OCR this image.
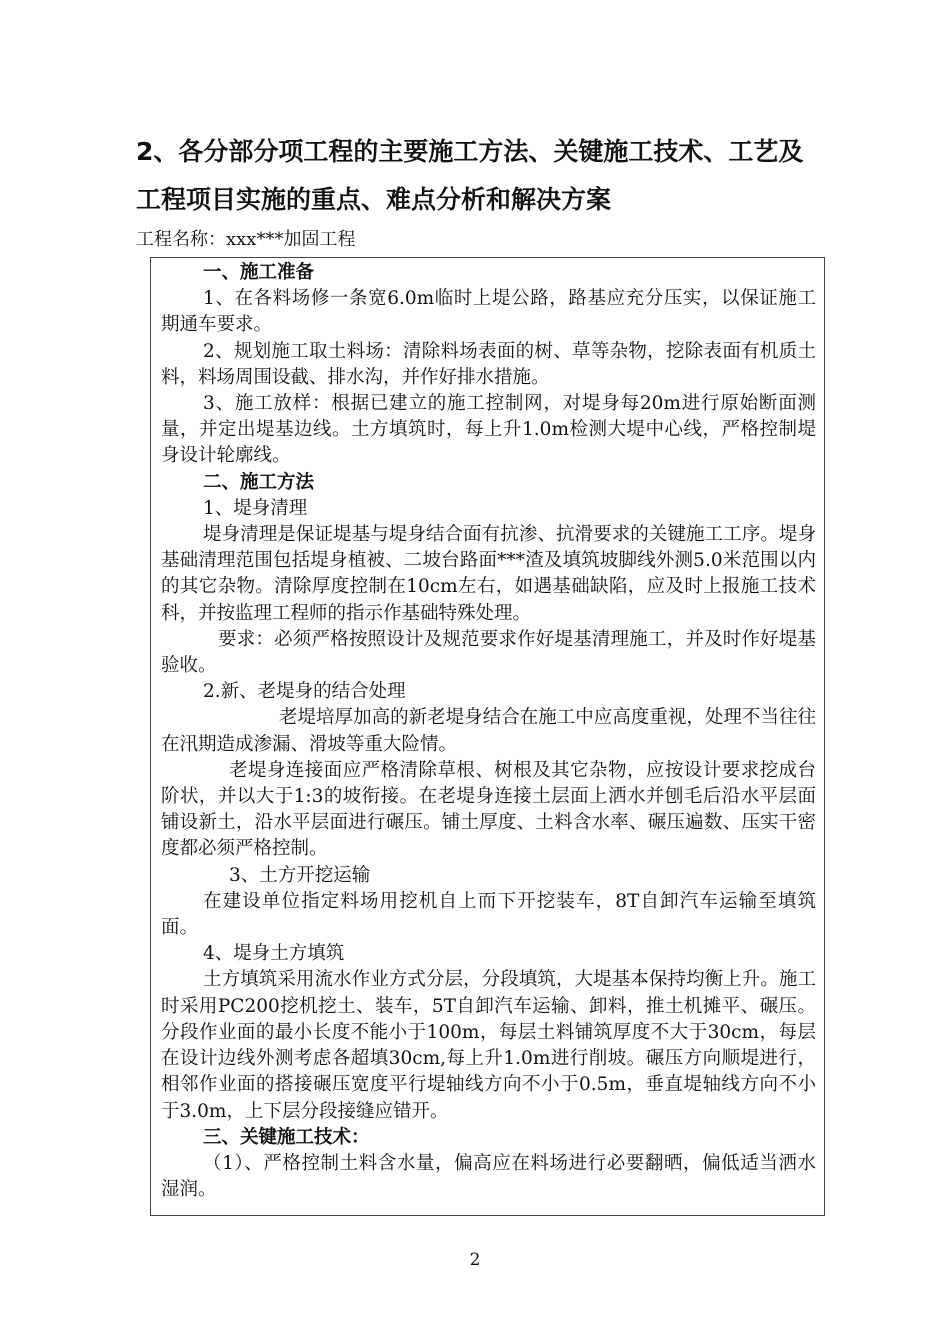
2、各分部分项工程的主要施工方法、关键施工技术、工艺及工程项目实施的重点、难点分析和解决方案
工程名称：xxx***加固工程

一、施工准备

1、在各料场修一条宽6.0m临时上堤公路，路基应充分压实，以保证施工期通车要求。

2、规划施工取土料场：清除料场表面的树、草等杂物，挖除表面有机质土料，料场周围设截、排水沟，并作好排水措施。

3、施工放样：根据已建立的施工控制网，对堤身每20m进行原始断面测量，并定出堤基边线。土方填筑时，每上升1.0m检测大堤中心线，严格控制堤身设计轮廓线。

二、施工方法

1、堤身清理

堤身清理是保证堤基与堤身结合面有抗渗、抗滑要求的关键施工工序。堤身基础清理范围包括堤身植被、二坡台路面***渣及填筑坡脚线外测5.0米范围以内的其它杂物。清除厚度控制在10cm左右，如遇基础缺陷，应及时上报施工技术科，并按监理工程师的指示作基础特殊处理。

要求：必须严格按照设计及规范要求作好堤基清理施工，并及时作好堤基验收。

2.新、老堤身的结合处理

老堤培厚加高的新老堤身结合在施工中应高度重视，处理不当往往在汛期造成渗漏、滑坡等重大险情。

老堤身连接面应严格清除草根、树根及其它杂物，应按设计要求挖成台阶状，并以大于1:3的坡衔接。在老堤身连接土层面上洒水并刨毛后沿水平层面铺设新土，沿水平层面进行碾压。铺土厚度、土料含水率、碾压遍数、压实干密度都必须严格控制。

3、土方开挖运输

在建设单位指定料场用挖机自上而下开挖装车，8T自卸汽车运输至填筑面。

4、堤身土方填筑

土方填筑采用流水作业方式分层，分段填筑，大堤基本保持均衡上升。施工时采用PC200挖机挖土、装车，5T自卸汽车运输、卸料，推土机摊平、碾压。分段作业面的最小长度不能小于100m，每层土料铺筑厚度不大于30cm，每层在设计边线外测考虑各超填30cm,每上升1.0m进行削坡。碾压方向顺堤进行，相邻作业面的搭接碾压宽度平行堤轴线方向不小于0.5m，垂直堤轴线方向不小于3.0m，上下层分段接缝应错开。

三、关键施工技术：

（1）、严格控制土料含水量，偏高应在料场进行必要翻晒，偏低适当洒水湿润。

2
